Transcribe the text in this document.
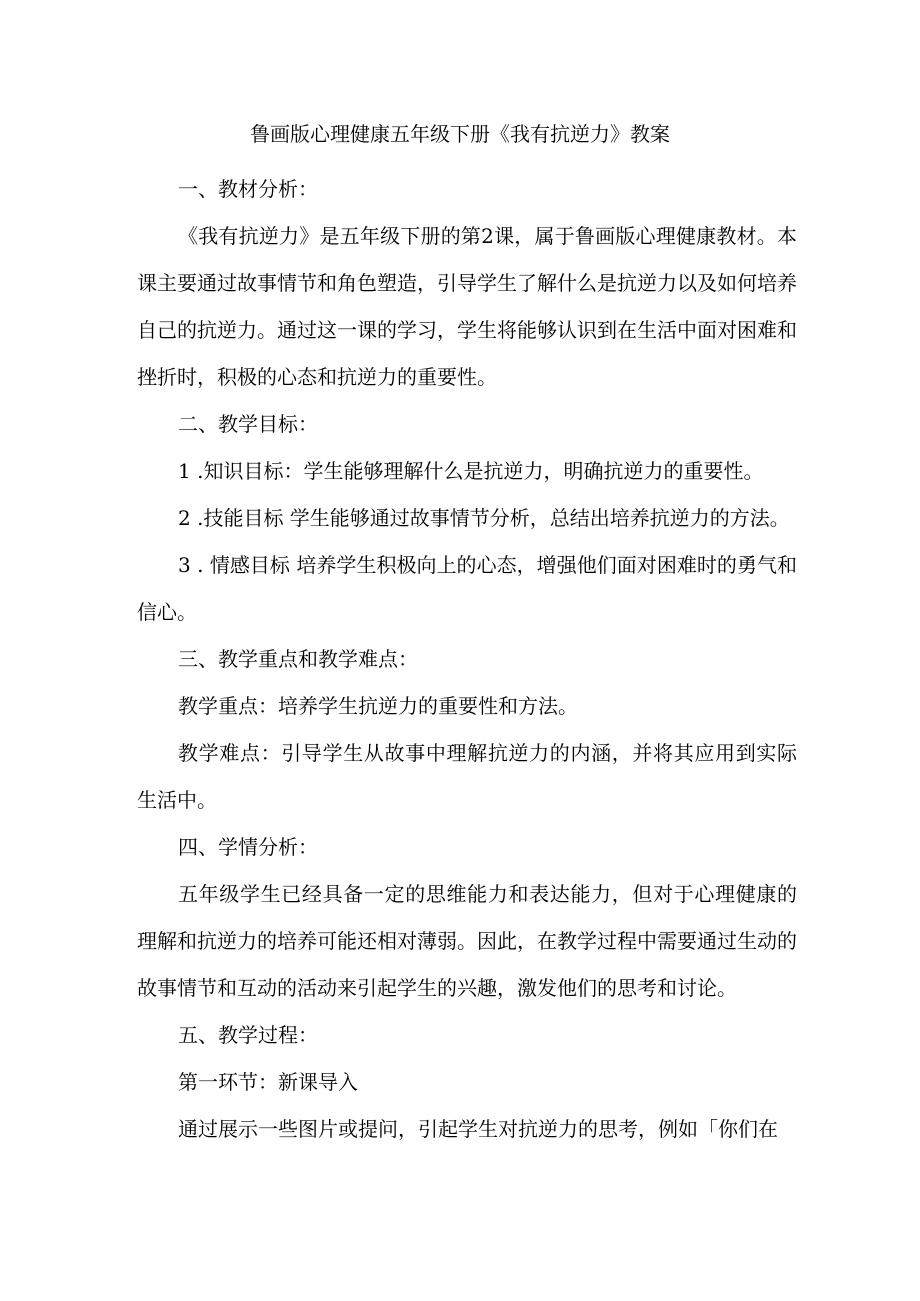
鲁画版心理健康五年级下册《我有抗逆力》教案

一、教材分析：

《我有抗逆力》是五年级下册的第2课，属于鲁画版心理健康教材。本课主要通过故事情节和角色塑造，引导学生了解什么是抗逆力以及如何培养自己的抗逆力。通过这一课的学习，学生将能够认识到在生活中面对困难和挫折时，积极的心态和抗逆力的重要性。

二、教学目标：

1 .知识目标：学生能够理解什么是抗逆力，明确抗逆力的重要性。

2 .技能目标 学生能够通过故事情节分析，总结出培养抗逆力的方法。

3 . 情感目标 培养学生积极向上的心态，增强他们面对困难时的勇气和信心。

三、教学重点和教学难点：

教学重点：培养学生抗逆力的重要性和方法。

教学难点：引导学生从故事中理解抗逆力的内涵，并将其应用到实际生活中。

四、学情分析：

五年级学生已经具备一定的思维能力和表达能力，但对于心理健康的理解和抗逆力的培养可能还相对薄弱。因此，在教学过程中需要通过生动的故事情节和互动的活动来引起学生的兴趣，激发他们的思考和讨论。

五、教学过程：

第一环节：新课导入

通过展示一些图片或提问，引起学生对抗逆力的思考，例如「你们在
